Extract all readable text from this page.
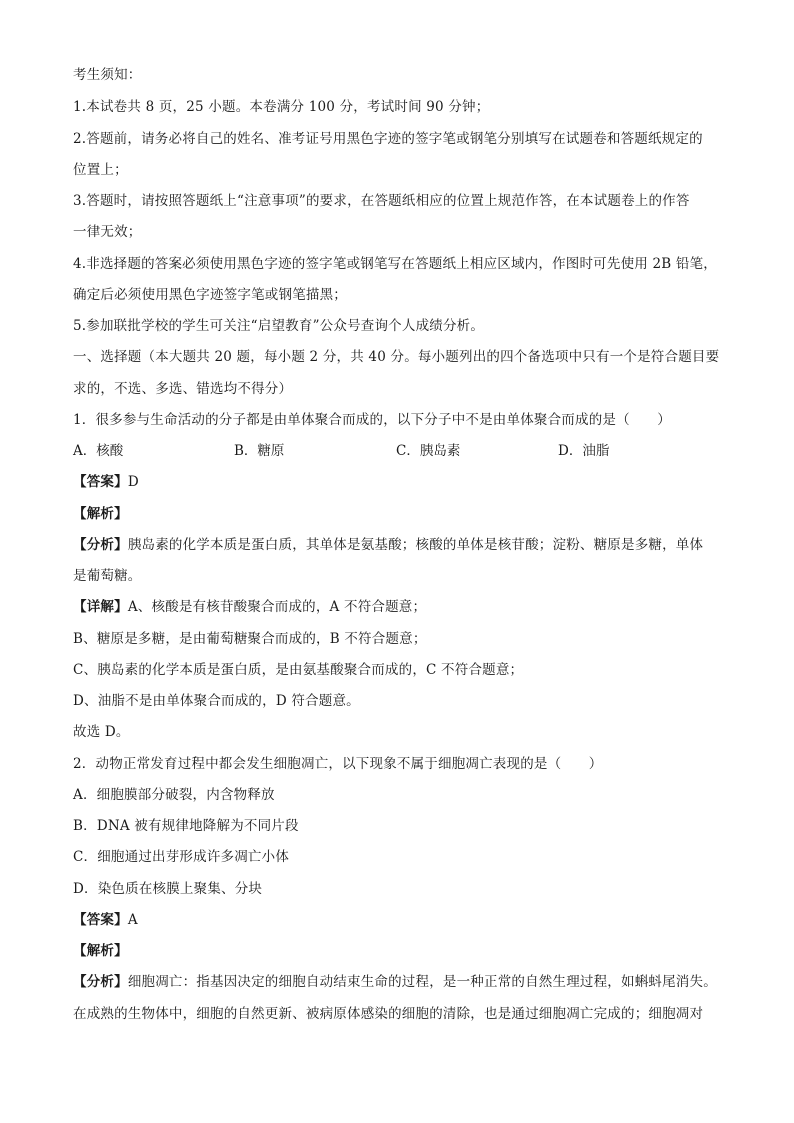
考生须知：
1.本试卷共 8 页，25 小题。本卷满分 100 分，考试时间 90 分钟；
2.答题前，请务必将自己的姓名、准考证号用黑色字迹的签字笔或钢笔分别填写在试题卷和答题纸规定的
位置上；
3.答题时，请按照答题纸上“注意事项”的要求，在答题纸相应的位置上规范作答，在本试题卷上的作答
一律无效；
4.非选择题的答案必须使用黑色字迹的签字笔或钢笔写在答题纸上相应区域内，作图时可先使用 2B 铅笔，
确定后必须使用黑色字迹签字笔或钢笔描黑；
5.参加联批学校的学生可关注“启望教育”公众号查询个人成绩分析。
一、选择题（本大题共 20 题，每小题 2 分，共 40 分。每小题列出的四个备选项中只有一个是符合题目要
求的，不选、多选、错选均不得分）
1．很多参与生命活动的分子都是由单体聚合而成的，以下分子中不是由单体聚合而成的是（　　）
A．核酸	B．糖原	C．胰岛素	D．油脂
【答案】D
【解析】
【分析】胰岛素的化学本质是蛋白质，其单体是氨基酸；核酸的单体是核苷酸；淀粉、糖原是多糖，单体
是葡萄糖。
【详解】A、核酸是有核苷酸聚合而成的，A 不符合题意；
B、糖原是多糖，是由葡萄糖聚合而成的，B 不符合题意；
C、胰岛素的化学本质是蛋白质，是由氨基酸聚合而成的，C 不符合题意；
D、油脂不是由单体聚合而成的，D 符合题意。
故选 D。
2．动物正常发育过程中都会发生细胞凋亡，以下现象不属于细胞凋亡表现的是（　　）
A．细胞膜部分破裂，内含物释放
B．DNA 被有规律地降解为不同片段
C．细胞通过出芽形成许多凋亡小体
D．染色质在核膜上聚集、分块
【答案】A
【解析】
【分析】细胞凋亡：指基因决定的细胞自动结束生命的过程，是一种正常的自然生理过程，如蝌蚪尾消失。
在成熟的生物体中，细胞的自然更新、被病原体感染的细胞的清除，也是通过细胞凋亡完成的；细胞凋对
